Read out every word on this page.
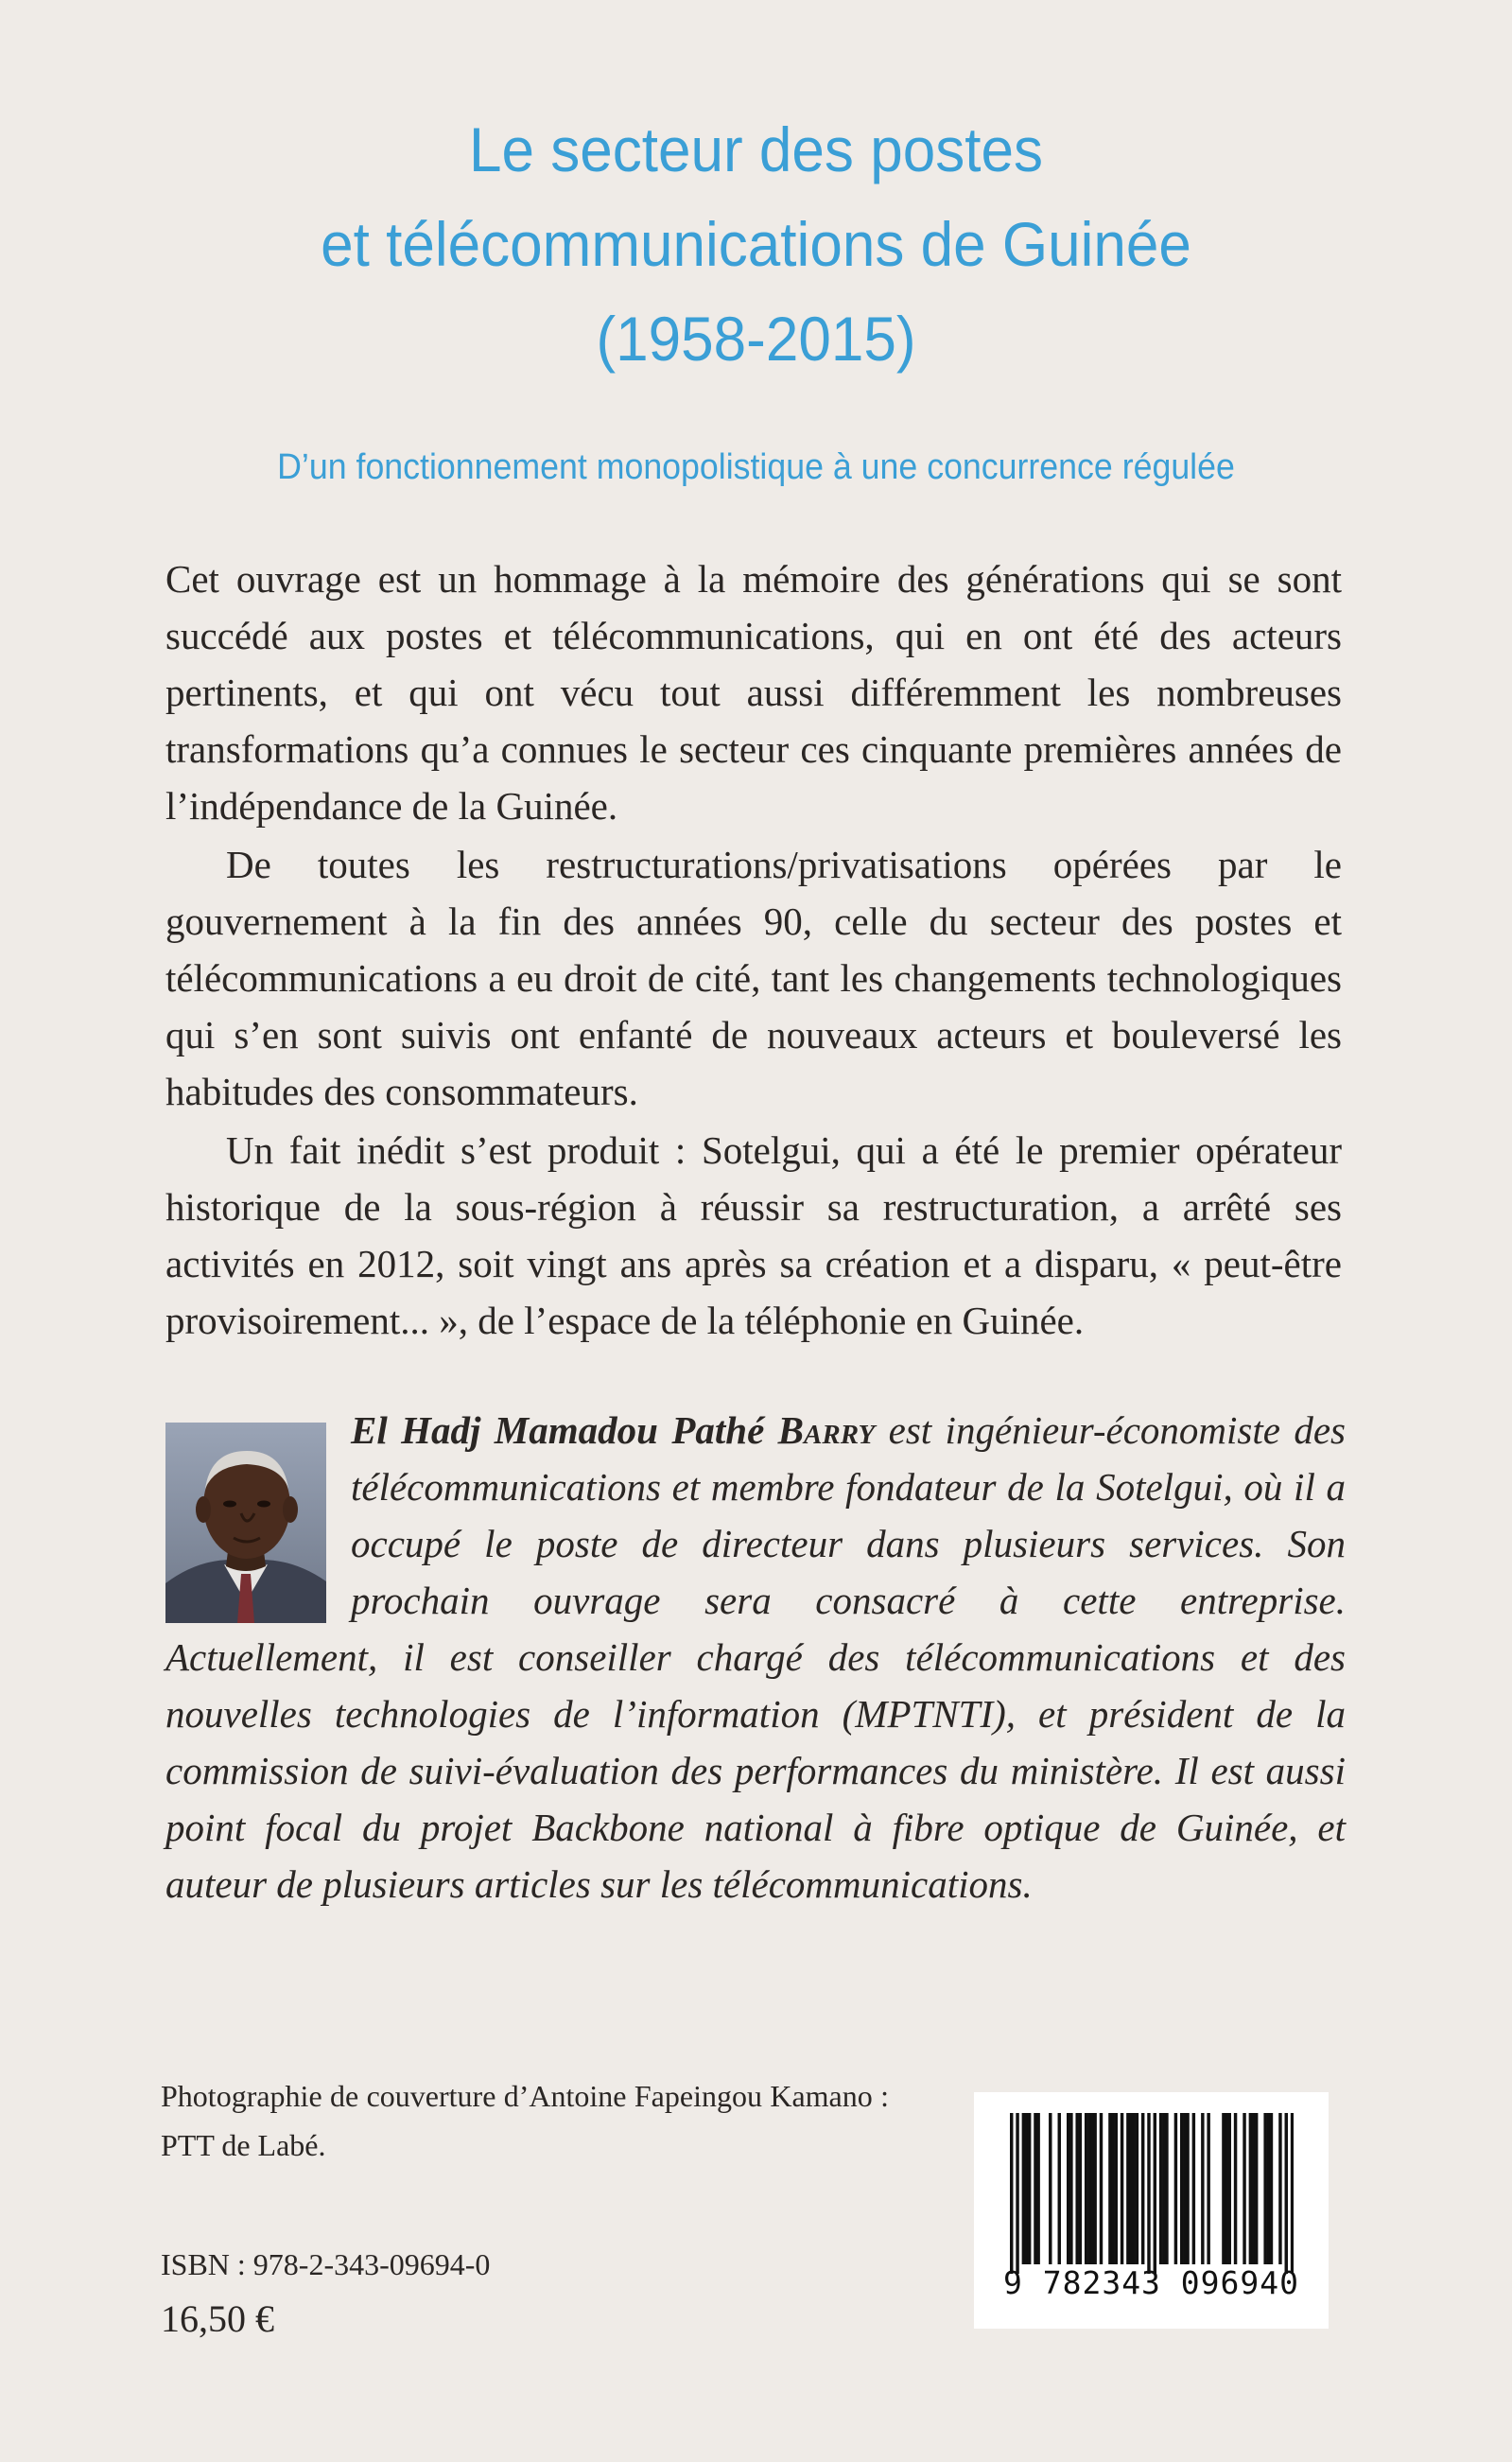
Le secteur des postes
et télécommunications de Guinée
(1958-2015)
D’un fonctionnement monopolistique à une concurrence régulée

Cet ouvrage est un hommage à la mémoire des générations qui se sont succédé aux postes et télécommunications, qui en ont été des acteurs pertinents, et qui ont vécu tout aussi différemment les nombreuses transformations qu’a connues le secteur ces cinquante premières années de l’indépendance de la Guinée.

De toutes les restructurations/privatisations opérées par le gouvernement à la fin des années 90, celle du secteur des postes et télécommunications a eu droit de cité, tant les changements technologiques qui s’en sont suivis ont enfanté de nouveaux acteurs et bouleversé les habitudes des consommateurs.

Un fait inédit s’est produit : Sotelgui, qui a été le premier opérateur historique de la sous-région à réussir sa restructuration, a arrêté ses activités en 2012, soit vingt ans après sa création et a disparu, « peut-être provisoirement... », de l’espace de la téléphonie en Guinée.

El Hadj Mamadou Pathé Barry est ingénieur-économiste des télécommunications et membre fondateur de la Sotelgui, où il a occupé le poste de directeur dans plusieurs services. Son prochain ouvrage sera consacré à cette entreprise. Actuellement, il est conseiller chargé des télécommunications et des nouvelles technologies de l’information (MPTNTI), et président de la commission de suivi-évaluation des performances du ministère. Il est aussi point focal du projet Backbone national à fibre optique de Guinée, et auteur de plusieurs articles sur les télécommunications.
Photographie de couverture d’Antoine Fapeingou Kamano : PTT de Labé.
ISBN : 978-2-343-09694-0
16,50 €
9 782343 096940
